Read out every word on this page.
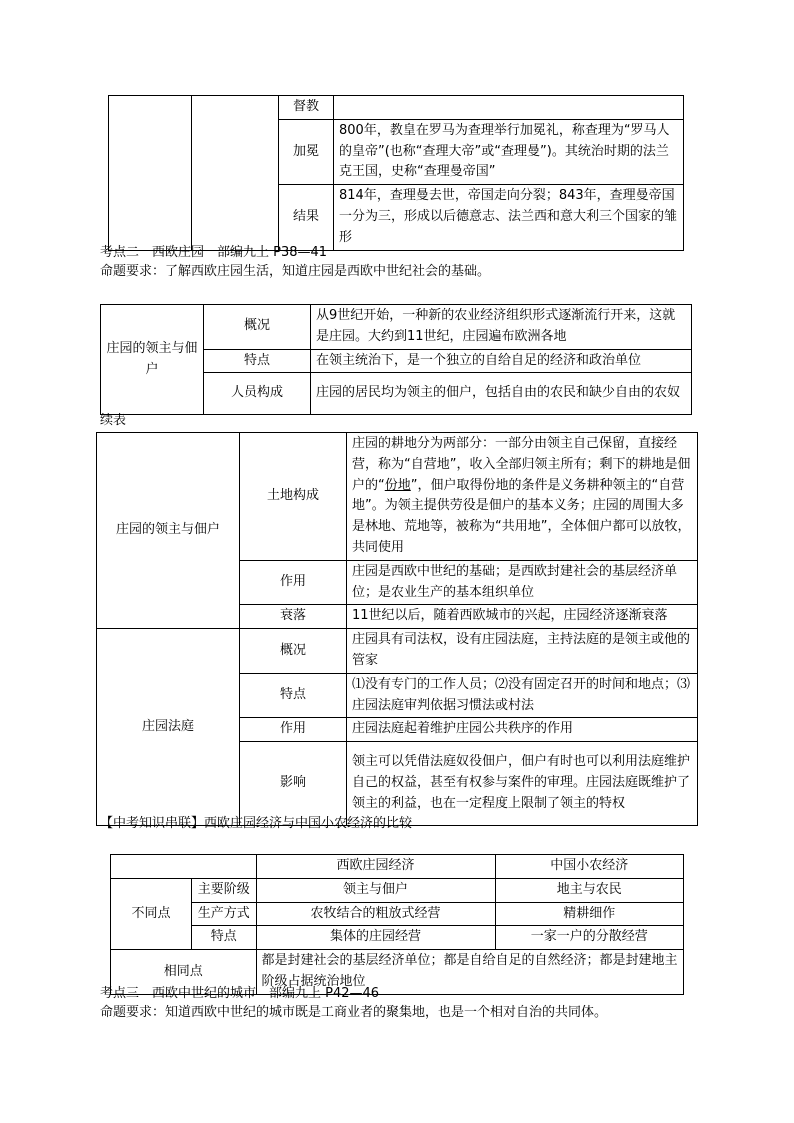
		督教	
		加冕	800年，教皇在罗马为查理举行加冕礼，称查理为“罗马人的皇帝”(也称“查理大帝”或“查理曼”)。其统治时期的法兰克王国，史称“查理曼帝国”
		结果	814年，查理曼去世，帝国走向分裂；843年，查理曼帝国一分为三，形成以后德意志、法兰西和意大利三个国家的雏形
考点二　西欧庄园　部编九上 P38—41
命题要求：了解西欧庄园生活，知道庄园是西欧中世纪社会的基础。
庄园的领主与佃户	概况	从9世纪开始，一种新的农业经济组织形式逐渐流行开来，这就是庄园。大约到11世纪，庄园遍布欧洲各地
	特点	在领主统治下，是一个独立的自给自足的经济和政治单位
	人员构成	庄园的居民均为领主的佃户，包括自由的农民和缺少自由的农奴
续表
庄园的领主与佃户	土地构成	庄园的耕地分为两部分：一部分由领主自己保留，直接经营，称为“自营地”，收入全部归领主所有；剩下的耕地是佃户的“份地”，佃户取得份地的条件是义务耕种领主的“自营地”。为领主提供劳役是佃户的基本义务；庄园的周围大多是林地、荒地等，被称为“共用地”，全体佃户都可以放牧，共同使用
	作用	庄园是西欧中世纪的基础；是西欧封建社会的基层经济单位；是农业生产的基本组织单位
	衰落	11世纪以后，随着西欧城市的兴起，庄园经济逐渐衰落
庄园法庭	概况	庄园具有司法权，设有庄园法庭，主持法庭的是领主或他的管家
	特点	⑴没有专门的工作人员；⑵没有固定召开的时间和地点；⑶庄园法庭审判依据习惯法或村法
	作用	庄园法庭起着维护庄园公共秩序的作用
	影响	领主可以凭借法庭奴役佃户，佃户有时也可以利用法庭维护自己的权益，甚至有权参与案件的审理。庄园法庭既维护了领主的利益，也在一定程度上限制了领主的特权
【中考知识串联】西欧庄园经济与中国小农经济的比较
		西欧庄园经济	中国小农经济
不同点	主要阶级	领主与佃户	地主与农民
	生产方式	农牧结合的粗放式经营	精耕细作
	特点	集体的庄园经营	一家一户的分散经营
相同点		都是封建社会的基层经济单位；都是自给自足的自然经济；都是封建地主阶级占据统治地位	
考点三　西欧中世纪的城市　部编九上 P42—46
命题要求：知道西欧中世纪的城市既是工商业者的聚集地，也是一个相对自治的共同体。
